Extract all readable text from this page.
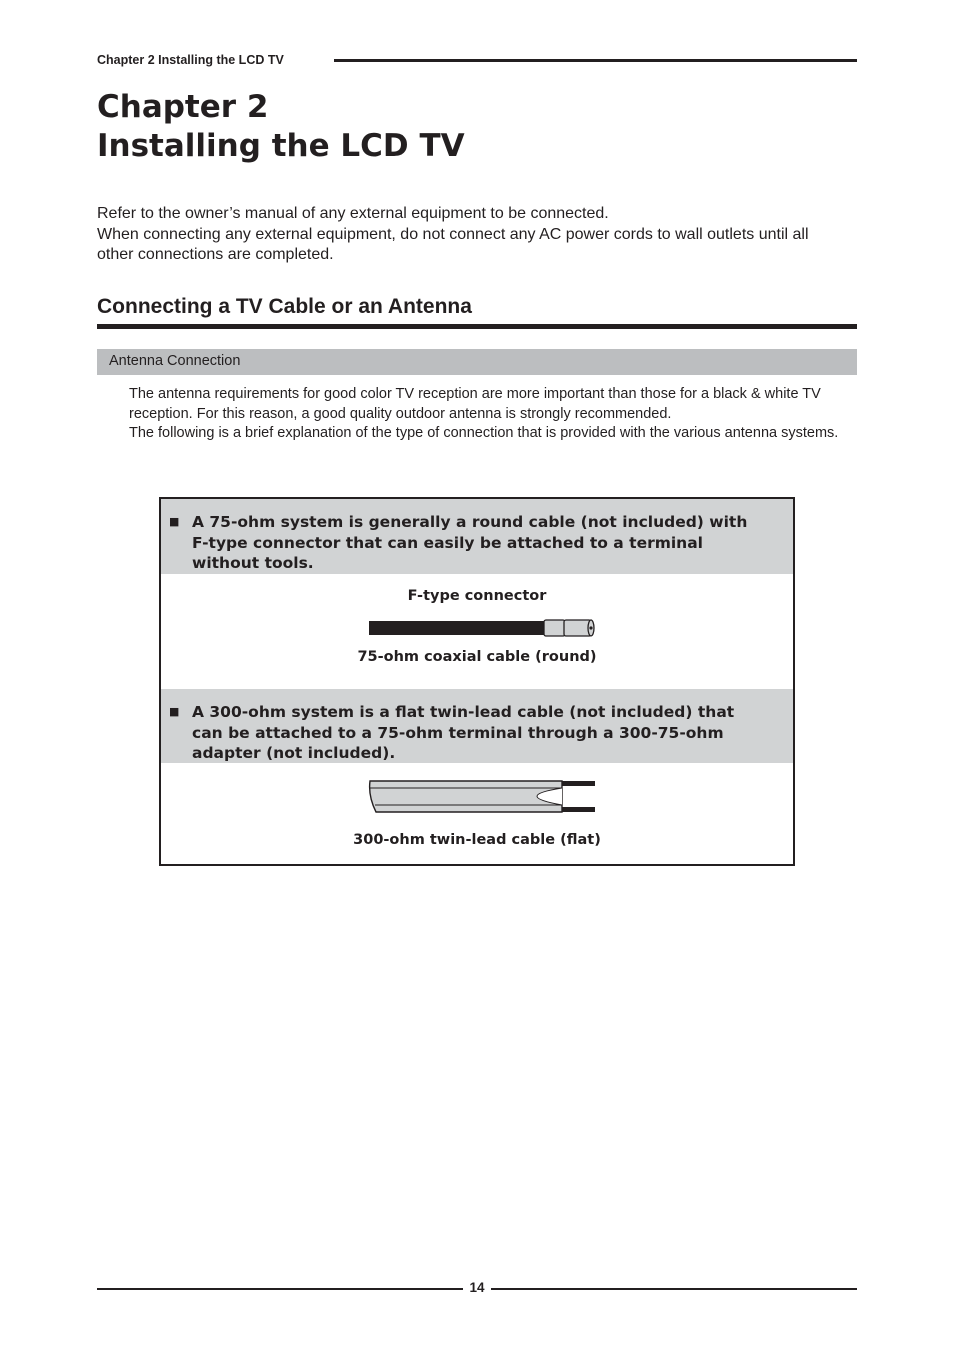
Chapter 2 Installing the LCD TV
Chapter 2
Installing the LCD TV

Refer to the owner’s manual of any external equipment to be connected.

When connecting any external equipment, do not connect any AC power cords to wall outlets until all other connections are completed.

Connecting a TV Cable or an Antenna
Antenna Connection

The antenna requirements for good color TV reception are more important than those for a black & white TV reception. For this reason, a good quality outdoor antenna is strongly recommended.

The following is a brief explanation of the type of connection that is provided with the various antenna systems.

■ A 75-ohm system is generally a round cable (not included) with F-type connector that can easily be attached to a terminal without tools.
F-type connector
75-ohm coaxial cable (round)
■ A 300-ohm system is a flat twin-lead cable (not included) that can be attached to a 75-ohm terminal through a 300-75-ohm adapter (not included).
300-ohm twin-lead cable (flat)
14
